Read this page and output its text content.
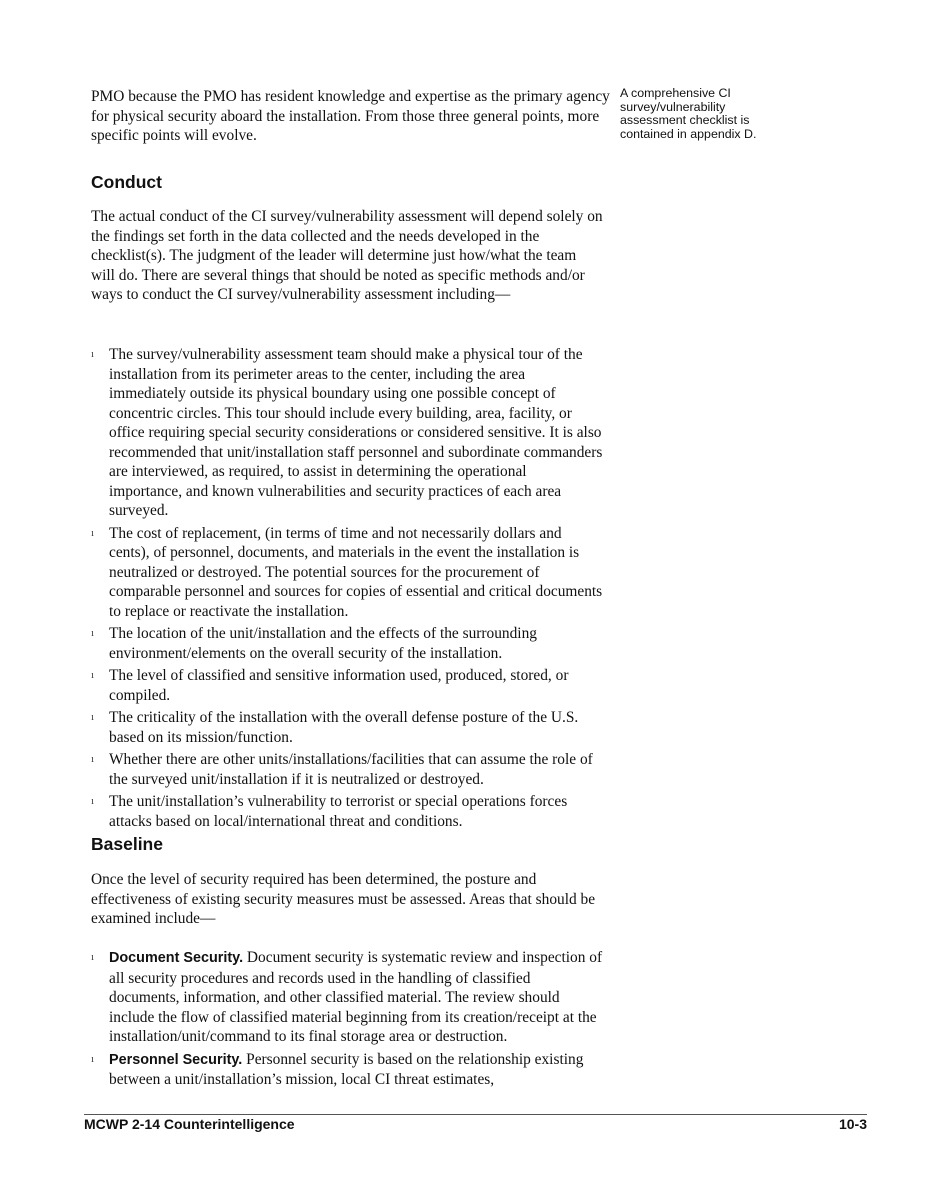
PMO because the PMO has resident knowledge and expertise as the primary agency for physical security aboard the installation. From those three general points, more specific points will evolve.

A comprehensive CI
survey/vulnerability
assessment checklist is
contained in appendix D.
Conduct

The actual conduct of the CI survey/vulnerability assessment will depend solely on the findings set forth in the data collected and the needs developed in the checklist(s). The judgment of the leader will determine just how/what the team will do. There are several things that should be noted as specific methods and/or ways to conduct the CI survey/vulnerability assessment including—

ı The survey/vulnerability assessment team should make a physical tour of the installation from its perimeter areas to the center, including the area immediately outside its physical boundary using one possible concept of concentric circles. This tour should include every building, area, facility, or office requiring special security considerations or considered sensitive. It is also recommended that unit/installation staff personnel and subordinate commanders are interviewed, as required, to assist in determining the operational importance, and known vulnerabilities and security practices of each area surveyed.
ı The cost of replacement, (in terms of time and not necessarily dollars and cents), of personnel, documents, and materials in the event the installation is neutralized or destroyed. The potential sources for the procurement of comparable personnel and sources for copies of essential and critical documents to replace or reactivate the installation.
ı The location of the unit/installation and the effects of the surrounding environment/elements on the overall security of the installation.
ı The level of classified and sensitive information used, produced, stored, or compiled.
ı The criticality of the installation with the overall defense posture of the U.S. based on its mission/function.
ı Whether there are other units/installations/facilities that can assume the role of the surveyed unit/installation if it is neutralized or destroyed.
ı The unit/installation’s vulnerability to terrorist or special operations forces attacks based on local/international threat and conditions.
Baseline

Once the level of security required has been determined, the posture and effectiveness of existing security measures must be assessed. Areas that should be examined include—

ı Document Security. Document security is systematic review and inspection of all security procedures and records used in the handling of classified documents, information, and other classified material. The review should include the flow of classified material beginning from its creation/receipt at the installation/unit/command to its final storage area or destruction.
ı Personnel Security. Personnel security is based on the relationship existing between a unit/installation’s mission, local CI threat estimates,
MCWP 2-14 Counterintelligence	10-3
